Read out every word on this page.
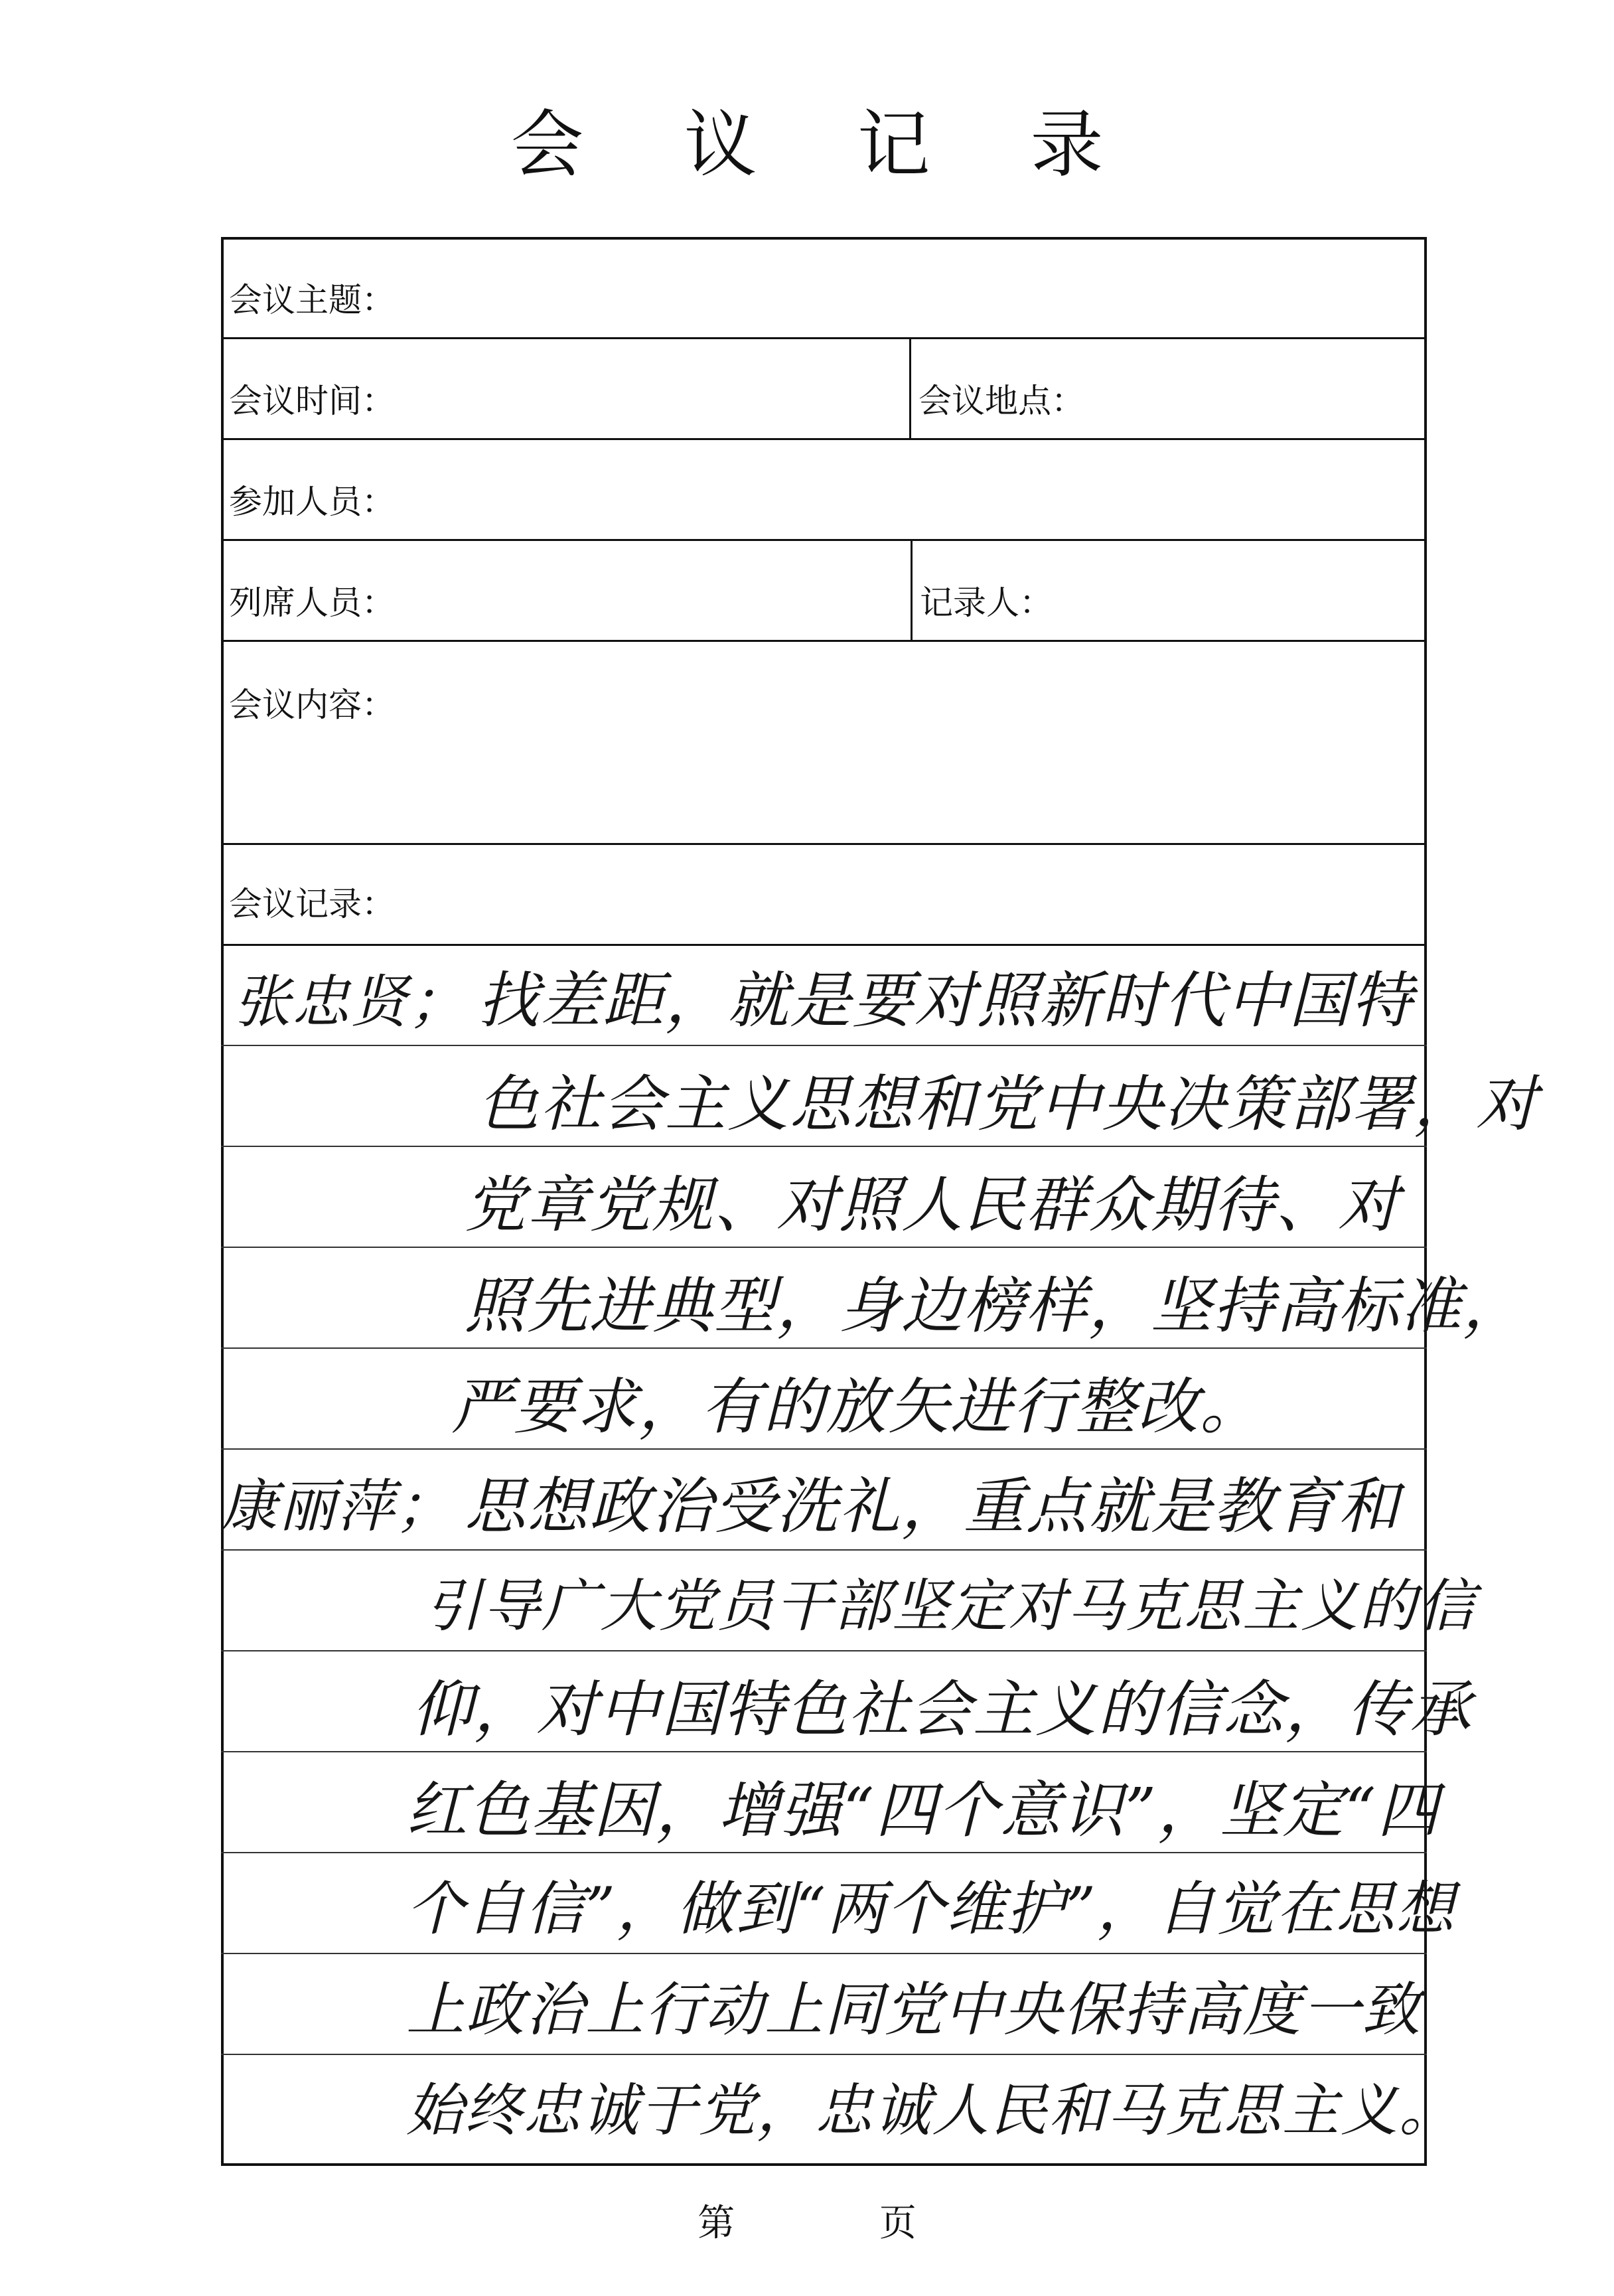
会 议 记 录
会议主题：
会议时间：	会议地点：
参加人员：
列席人员：	记录人：
会议内容：
会议记录：
张忠贤； 找差距，就是要对照新时代中国特
色社会主义思想和党中央决策部署，对
党章党规、对照人民群众期待、对
照先进典型，身边榜样，坚持高标准，
严要求，有的放矢进行整改。
康丽萍； 思想政治受洗礼，重点就是教育和
引导广大党员干部坚定对马克思主义的信
仰，对中国特色社会主义的信念，传承
红色基因，增强“四个意识”，坚定“四
个自信”，做到“两个维护”，自觉在思想
上政治上行动上同党中央保持高度一致
始终忠诚于党，忠诚人民和马克思主义。
第 页
